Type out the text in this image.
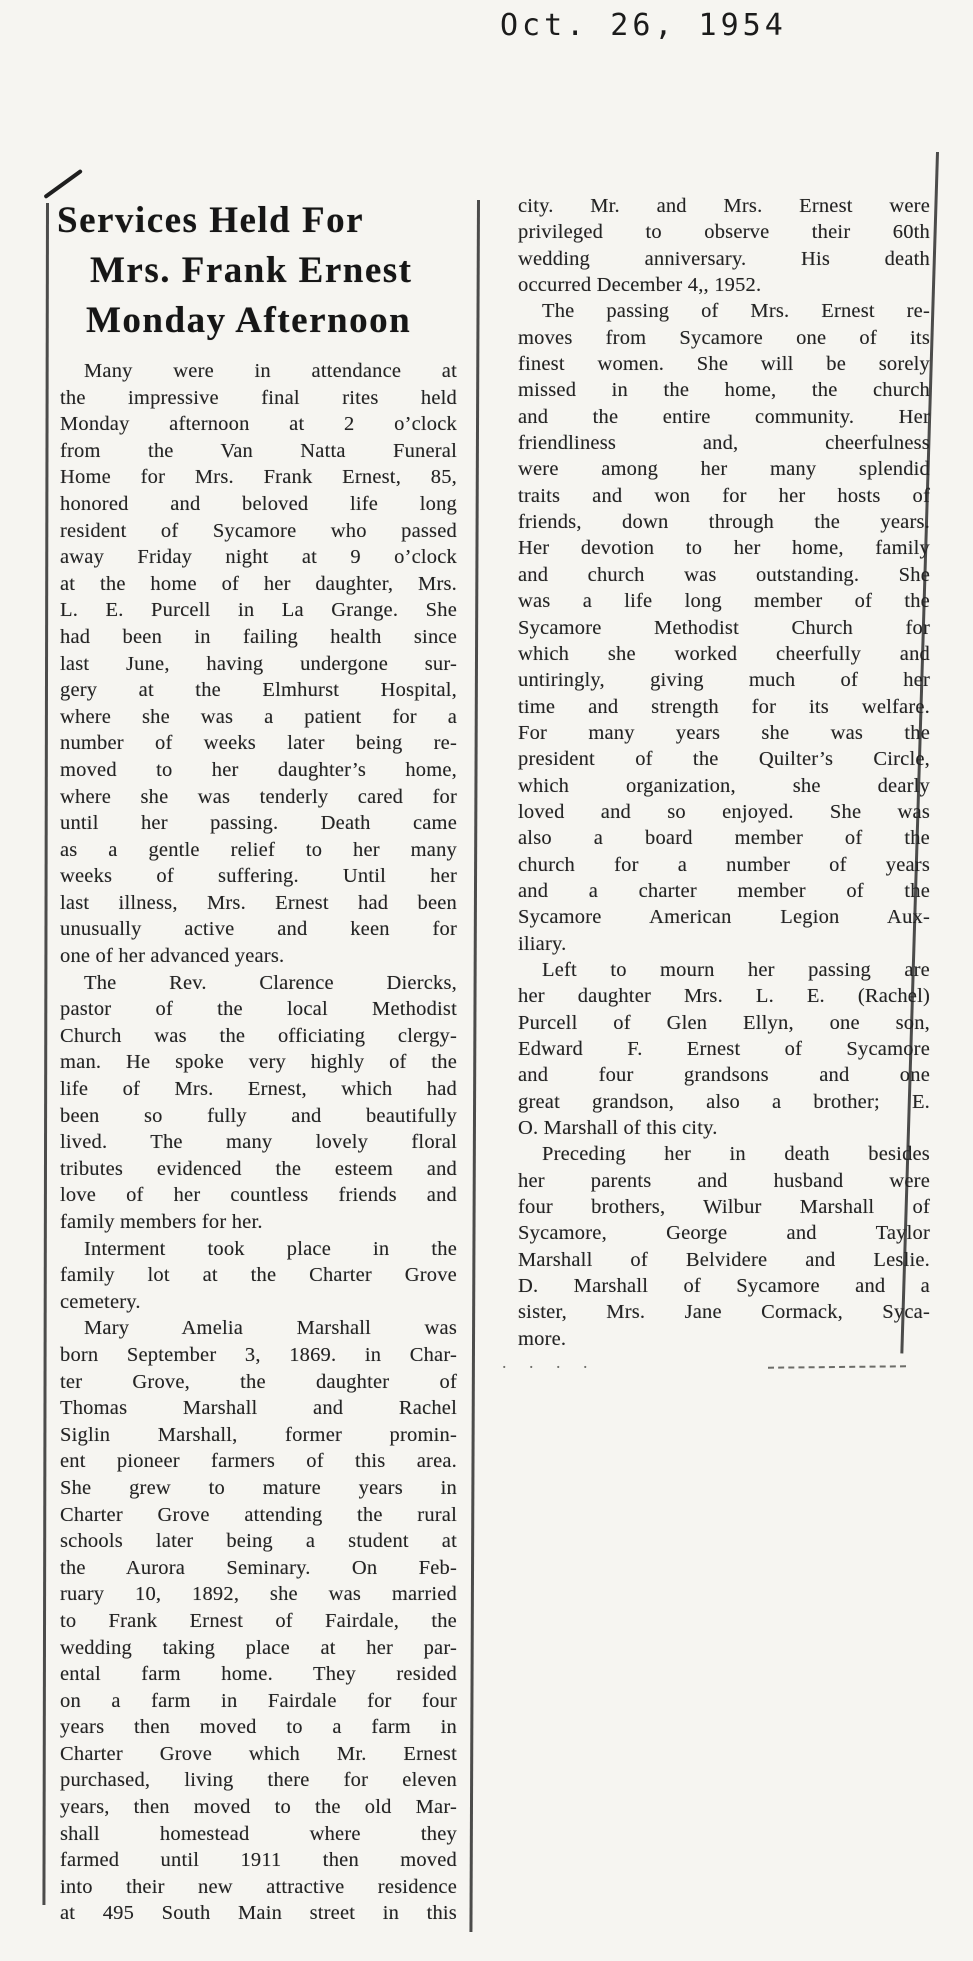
Oct. 26, 1954
Services Held For
Mrs. Frank Ernest
Monday Afternoon
Many were in attendance at
the impressive final rites held
Monday afternoon at 2 o’clock
from the Van Natta Funeral
Home for Mrs. Frank Ernest, 85,
honored and beloved life long
resident of Sycamore who passed
away Friday night at 9 o’clock
at the home of her daughter, Mrs.
L. E. Purcell in La Grange. She
had been in failing health since
last June, having undergone sur-
gery at the Elmhurst Hospital,
where she was a patient for a
number of weeks later being re-
moved to her daughter’s home,
where she was tenderly cared for
until her passing. Death came
as a gentle relief to her many
weeks of suffering. Until her
last illness, Mrs. Ernest had been
unusually active and keen for
one of her advanced years.
The Rev. Clarence Diercks,
pastor of the local Methodist
Church was the officiating clergy-
man. He spoke very highly of the
life of Mrs. Ernest, which had
been so fully and beautifully
lived. The many lovely floral
tributes evidenced the esteem and
love of her countless friends and
family members for her.
Interment took place in the
family lot at the Charter Grove
cemetery.
Mary Amelia Marshall was
born September 3, 1869. in Char-
ter Grove, the daughter of
Thomas Marshall and Rachel
Siglin Marshall, former promin-
ent pioneer farmers of this area.
She grew to mature years in
Charter Grove attending the rural
schools later being a student at
the Aurora Seminary. On Feb-
ruary 10, 1892, she was married
to Frank Ernest of Fairdale, the
wedding taking place at her par-
ental farm home. They resided
on a farm in Fairdale for four
years then moved to a farm in
Charter Grove which Mr. Ernest
purchased, living there for eleven
years, then moved to the old Mar-
shall homestead where they
farmed until 1911 then moved
into their new attractive residence
at 495 South Main street in this
city. Mr. and Mrs. Ernest were
privileged to observe their 60th
wedding anniversary. His death
occurred December 4,, 1952.
The passing of Mrs. Ernest re-
moves from Sycamore one of its
finest women. She will be sorely
missed in the home, the church
and the entire community. Her
friendliness and, cheerfulness
were among her many splendid
traits and won for her hosts of
friends, down through the years.
Her devotion to her home, family
and church was outstanding. She
was a life long member of the
Sycamore Methodist Church for
which she worked cheerfully and
untiringly, giving much of her
time and strength for its welfare.
For many years she was the
president of the Quilter’s Circle,
which organization, she dearly
loved and so enjoyed. She was
also a board member of the
church for a number of years
and a charter member of the
Sycamore American Legion Aux-
iliary.
Left to mourn her passing are
her daughter Mrs. L. E. (Rachel)
Purcell of Glen Ellyn, one son,
Edward F. Ernest of Sycamore
and four grandsons and one
great grandson, also a brother; E.
O. Marshall of this city.
Preceding her in death besides
her parents and husband were
four brothers, Wilbur Marshall of
Sycamore, George and Taylor
Marshall of Belvidere and Leslie.
D. Marshall of Sycamore and a
sister, Mrs. Jane Cormack, Syca-
more.
. . . .
